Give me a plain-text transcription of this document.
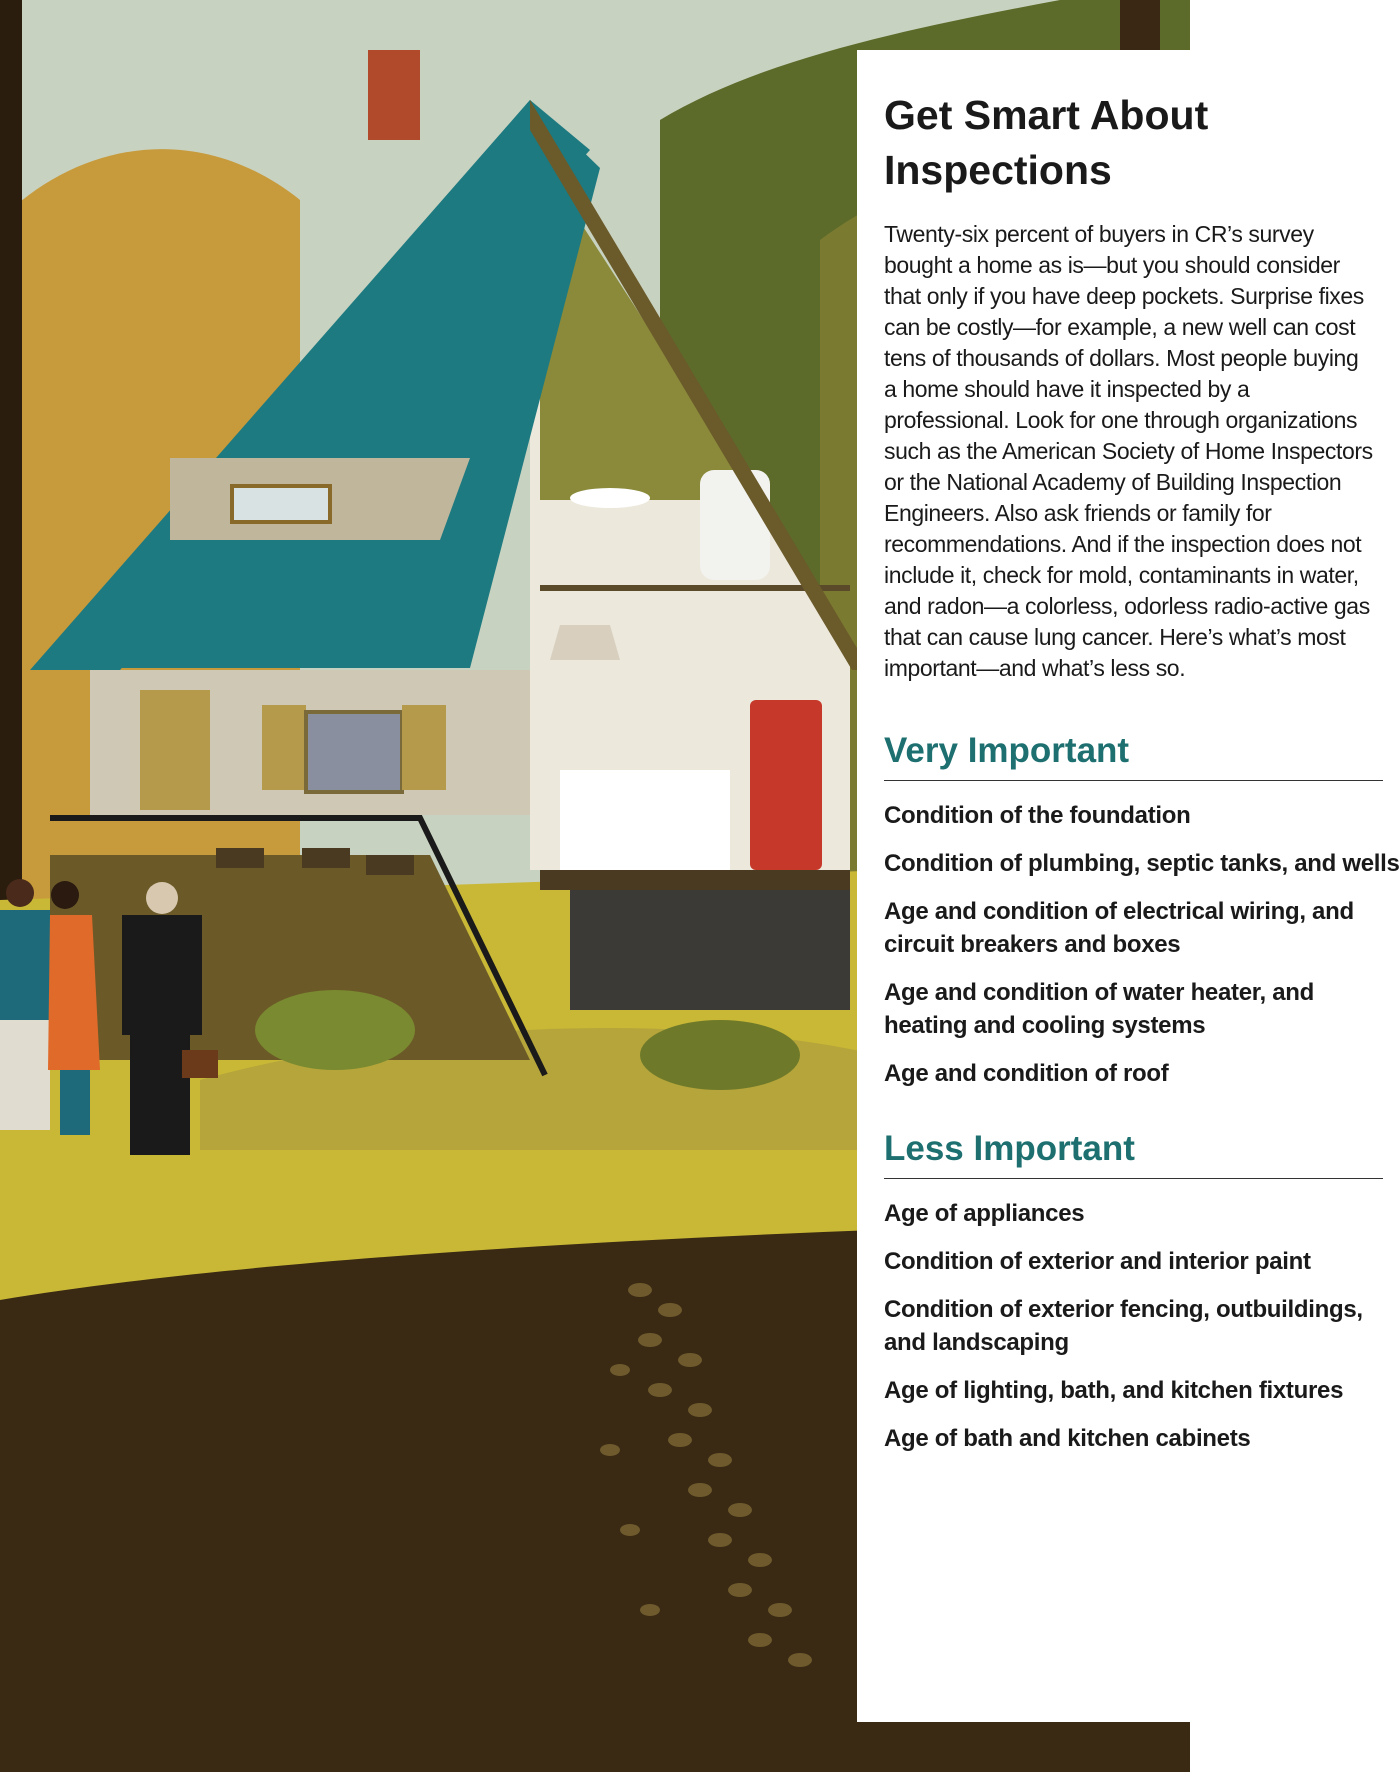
Get Smart About Inspections

Twenty-six percent of buyers in CR’s survey bought a home as is—but you should consider that only if you have deep pockets. Surprise fixes can be costly—for example, a new well can cost tens of thousands of dollars. Most people buying a home should have it inspected by a professional. Look for one through organizations such as the American Society of Home Inspectors or the National Academy of Building Inspection Engineers. Also ask friends or family for recommendations. And if the inspection does not include it, check for mold, contaminants in water, and radon—a colorless, odorless radio-active gas that can cause lung cancer. Here’s what’s most important—and what’s less so.

Very Important
Condition of the foundation
Condition of plumbing, septic tanks, and wells
Age and condition of electrical wiring, and circuit breakers and boxes
Age and condition of water heater, and heating and cooling systems
Age and condition of roof
Less Important
Age of appliances
Condition of exterior and interior paint
Condition of exterior fencing, outbuildings, and landscaping
Age of lighting, bath, and kitchen fixtures
Age of bath and kitchen cabinets
